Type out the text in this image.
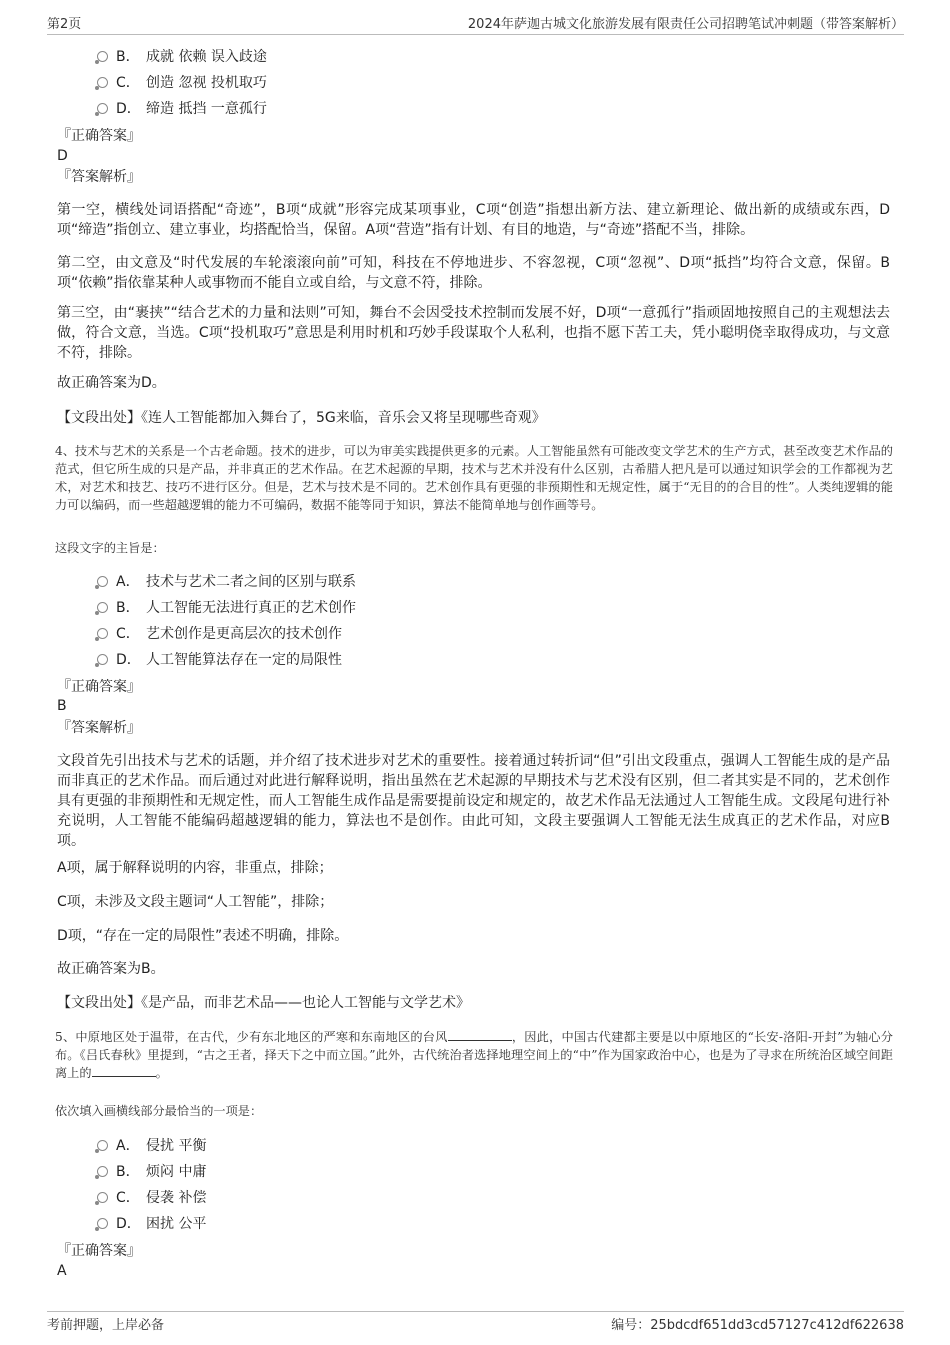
第2页	2024年萨迦古城文化旅游发展有限责任公司招聘笔试冲刺题（带答案解析）
B． 成就 依赖 误入歧途
C． 创造 忽视 投机取巧
D． 缔造 抵挡 一意孤行
『正确答案』
D
『答案解析』
第一空，横线处词语搭配“奇迹”，B项“成就”形容完成某项事业，C项“创造”指想出新方法、建立新理论、做出新的成绩或东西，D项“缔造”指创立、建立事业，均搭配恰当，保留。A项“营造”指有计划、有目的地造，与“奇迹”搭配不当，排除。
第二空，由文意及“时代发展的车轮滚滚向前”可知，科技在不停地进步、不容忽视，C项“忽视”、D项“抵挡”均符合文意，保留。B项“依赖”指依靠某种人或事物而不能自立或自给，与文意不符，排除。
第三空，由“裹挟”“结合艺术的力量和法则”可知，舞台不会因受技术控制而发展不好，D项“一意孤行”指顽固地按照自己的主观想法去做，符合文意，当选。C项“投机取巧”意思是利用时机和巧妙手段谋取个人私利，也指不愿下苦工夫，凭小聪明侥幸取得成功，与文意不符，排除。
故正确答案为D。
【文段出处】《连人工智能都加入舞台了，5G来临，音乐会又将呈现哪些奇观》
4、技术与艺术的关系是一个古老命题。技术的进步，可以为审美实践提供更多的元素。人工智能虽然有可能改变文学艺术的生产方式，甚至改变艺术作品的范式，但它所生成的只是产品，并非真正的艺术作品。在艺术起源的早期，技术与艺术并没有什么区别，古希腊人把凡是可以通过知识学会的工作都视为艺术，对艺术和技艺、技巧不进行区分。但是，艺术与技术是不同的。艺术创作具有更强的非预期性和无规定性，属于“无目的的合目的性”。人类纯逻辑的能力可以编码，而一些超越逻辑的能力不可编码，数据不能等同于知识，算法不能简单地与创作画等号。
这段文字的主旨是：
A． 技术与艺术二者之间的区别与联系
B． 人工智能无法进行真正的艺术创作
C． 艺术创作是更高层次的技术创作
D． 人工智能算法存在一定的局限性
『正确答案』
B
『答案解析』
文段首先引出技术与艺术的话题，并介绍了技术进步对艺术的重要性。接着通过转折词“但”引出文段重点，强调人工智能生成的是产品而非真正的艺术作品。而后通过对此进行解释说明，指出虽然在艺术起源的早期技术与艺术没有区别，但二者其实是不同的，艺术创作具有更强的非预期性和无规定性，而人工智能生成作品是需要提前设定和规定的，故艺术作品无法通过人工智能生成。文段尾句进行补充说明，人工智能不能编码超越逻辑的能力，算法也不是创作。由此可知，文段主要强调人工智能无法生成真正的艺术作品，对应B项。
A项，属于解释说明的内容，非重点，排除；
C项，未涉及文段主题词“人工智能”，排除；
D项，“存在一定的局限性”表述不明确，排除。
故正确答案为B。
【文段出处】《是产品，而非艺术品——也论人工智能与文学艺术》
5、中原地区处于温带，在古代，少有东北地区的严寒和东南地区的台风	，因此，中国古代建都主要是以中原地区的“长安-洛阳-开封”为轴心分布。《吕氏春秋》里提到，“古之王者，择天下之中而立国。”此外，古代统治者选择地理空间上的“中”作为国家政治中心，也是为了寻求在所统治区域空间距离上的	。
依次填入画横线部分最恰当的一项是：
A． 侵扰 平衡
B． 烦闷 中庸
C． 侵袭 补偿
D． 困扰 公平
『正确答案』
A
考前押题，上岸必备	编号：25bdcdf651dd3cd57127c412df622638
